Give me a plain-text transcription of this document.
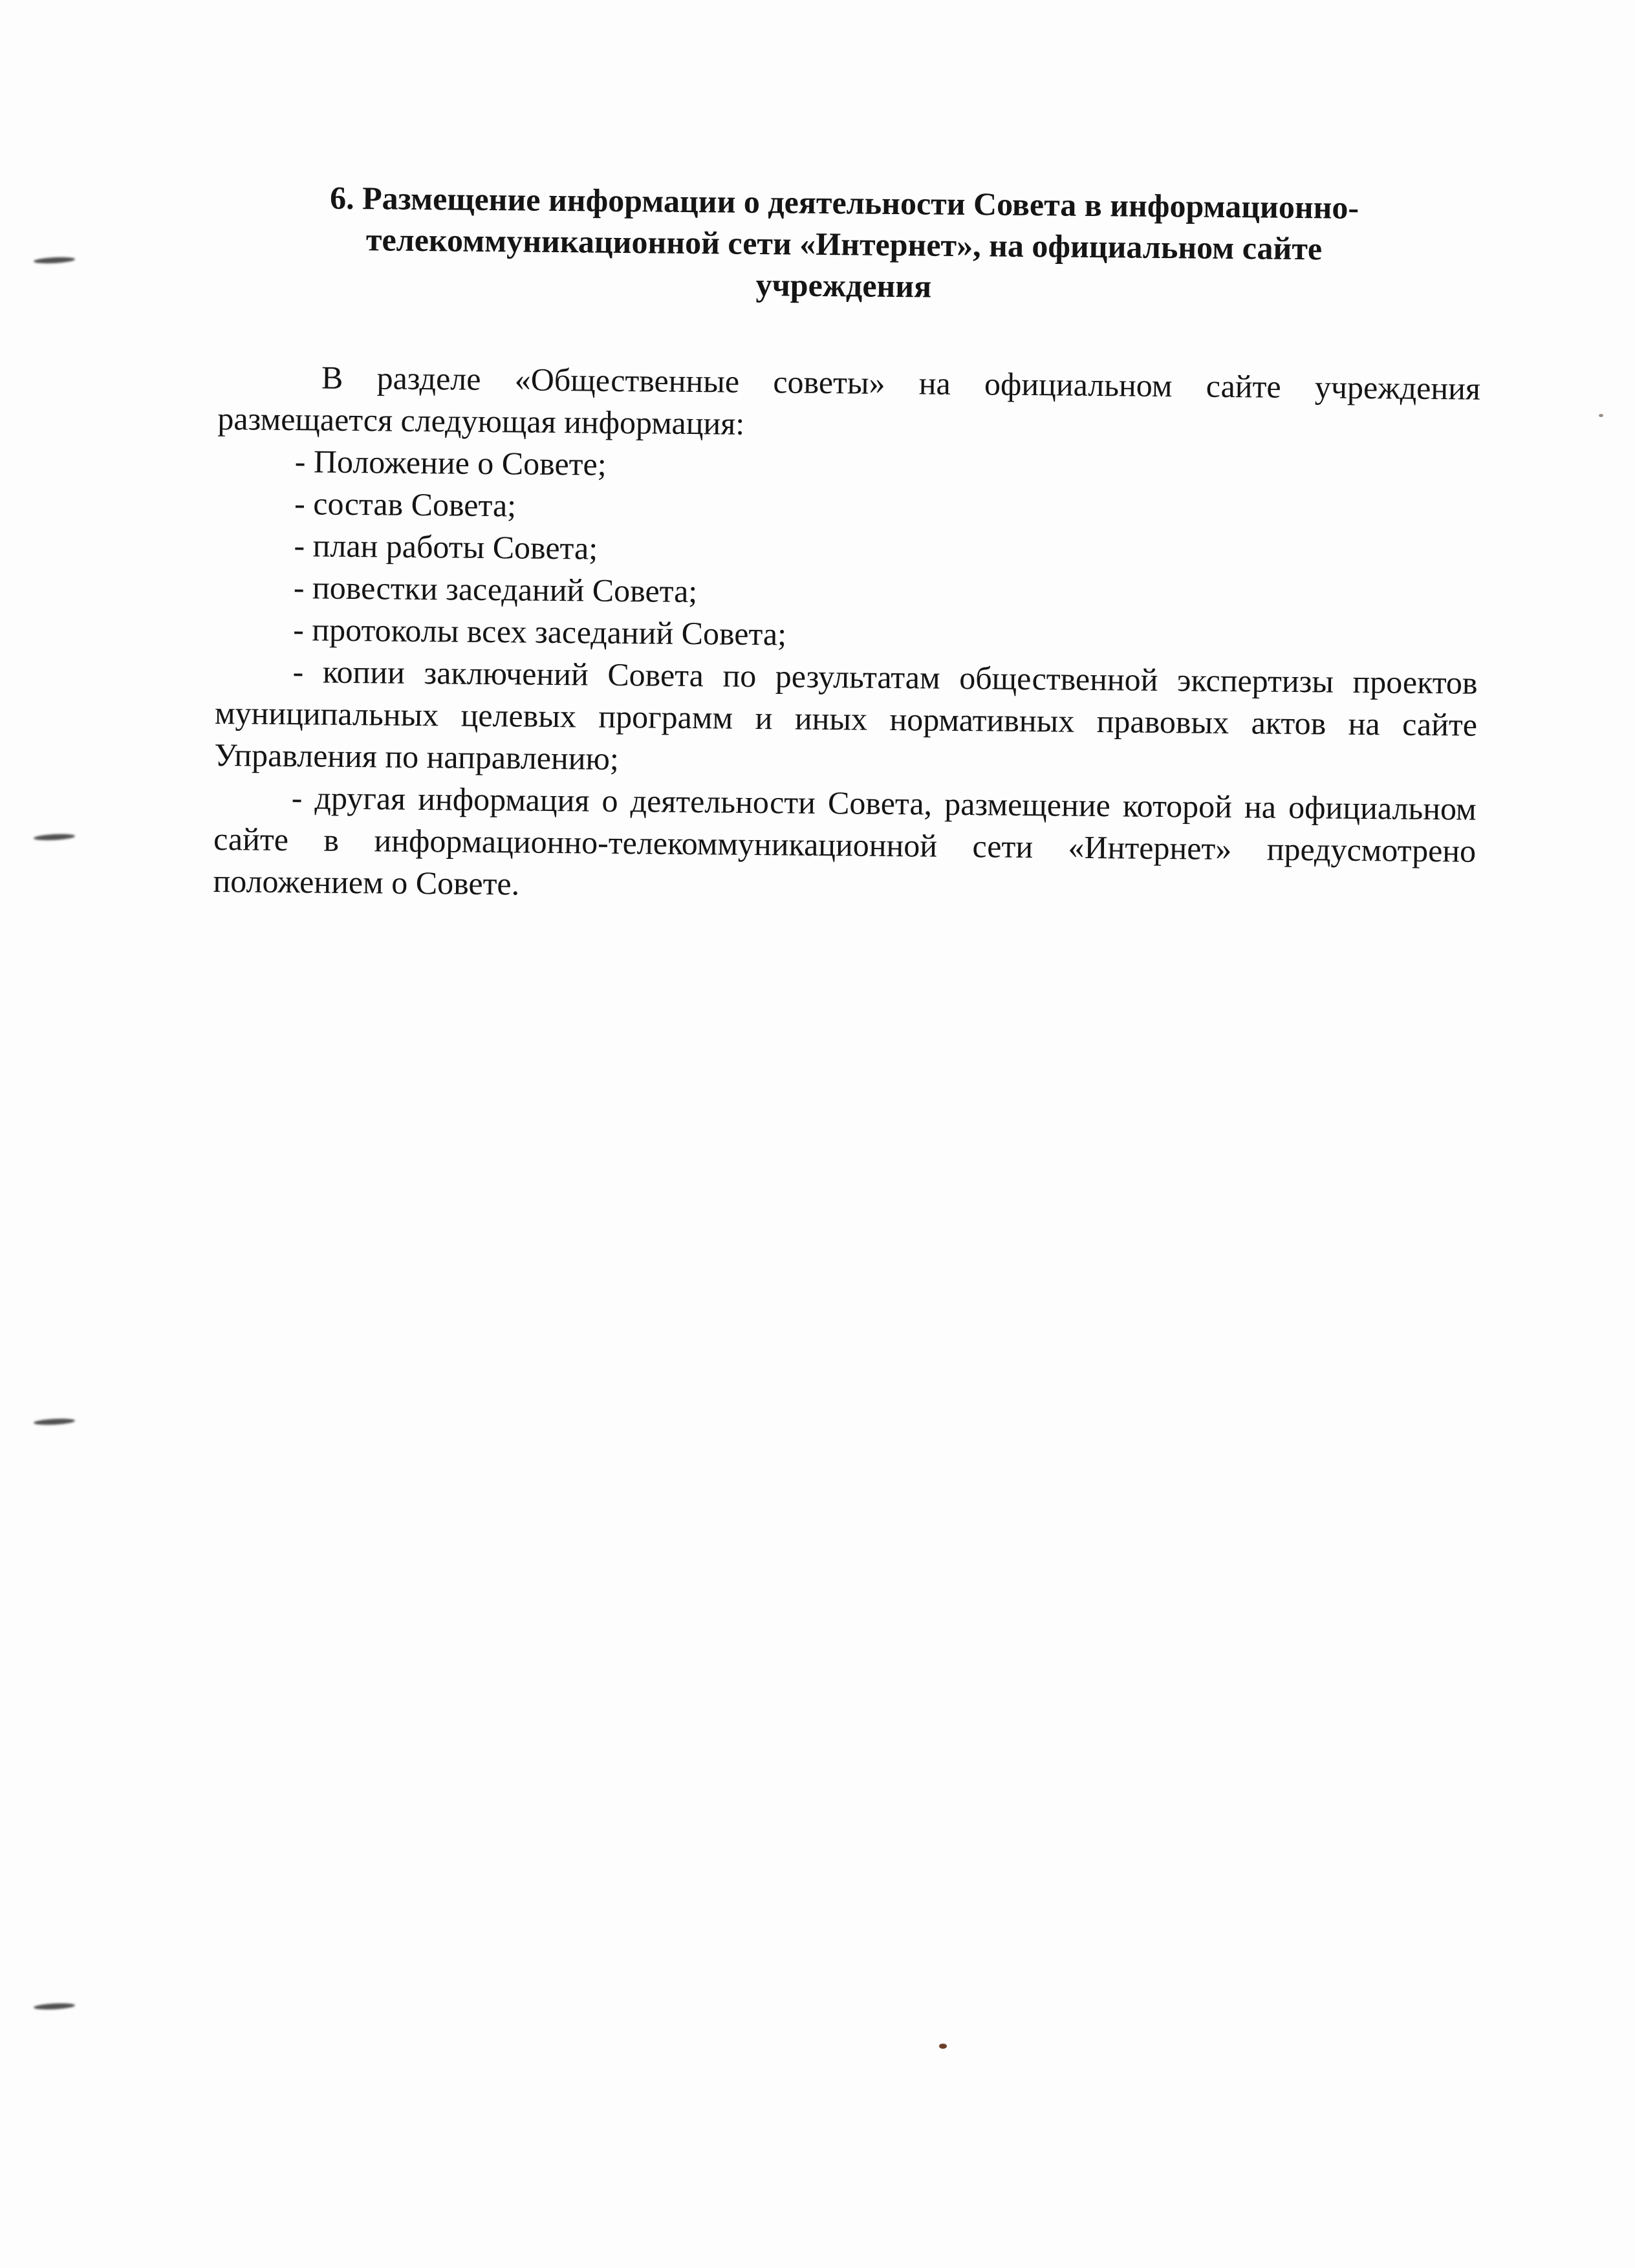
6. Размещение информации о деятельности Совета в информационно-
телекоммуникационной сети «Интернет», на официальном сайте
учреждения

В разделе «Общественные советы» на официальном сайте учреждения размещается следующая информация:

- Положение о Совете;
- состав Совета;
- план работы Совета;
- повестки заседаний Совета;
- протоколы всех заседаний Совета;
- копии заключений Совета по результатам общественной экспертизы проектов муниципальных целевых программ и иных нормативных правовых актов на сайте Управления по направлению;
- другая информация о деятельности Совета, размещение которой на официальном сайте в информационно-телекоммуникационной сети «Интернет» предусмотрено положением о Совете.
